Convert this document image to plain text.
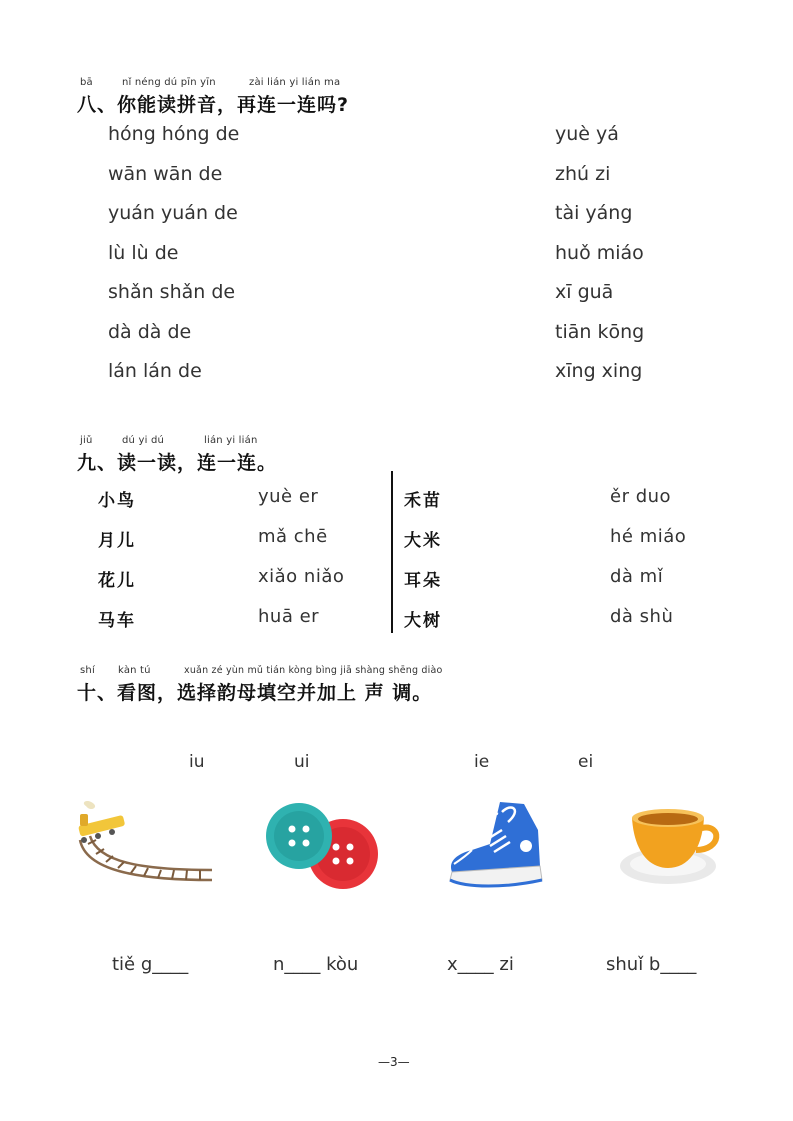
bā	nǐ néng dú pīn yīn	zài lián yi lián ma
八、你能读拼音，再连一连吗?
hóng hóng de
wān wān de
yuán yuán de
lù lù de
shǎn shǎn de
dà dà de
lán lán de
yuè yá
zhú zi
tài yáng
huǒ miáo
xī guā
tiān kōng
xīng xing
jiǔ	dú yi dú	lián yi lián
九、读一读，连一连。
小鸟
月儿
花儿
马车
yuè er
mǎ chē
xiǎo niǎo
huā er
禾苗
大米
耳朵
大树
ěr duo
hé miáo
dà mǐ
dà shù
shí kàn tú	xuǎn zé yùn mǔ tián kòng bìng jiā shàng shēng diào
十、看图，选择韵母填空并加上 声 调。
iu	ui	ie	ei
tiě g____	n____ kòu	x____ zi	shuǐ b____
—3—
